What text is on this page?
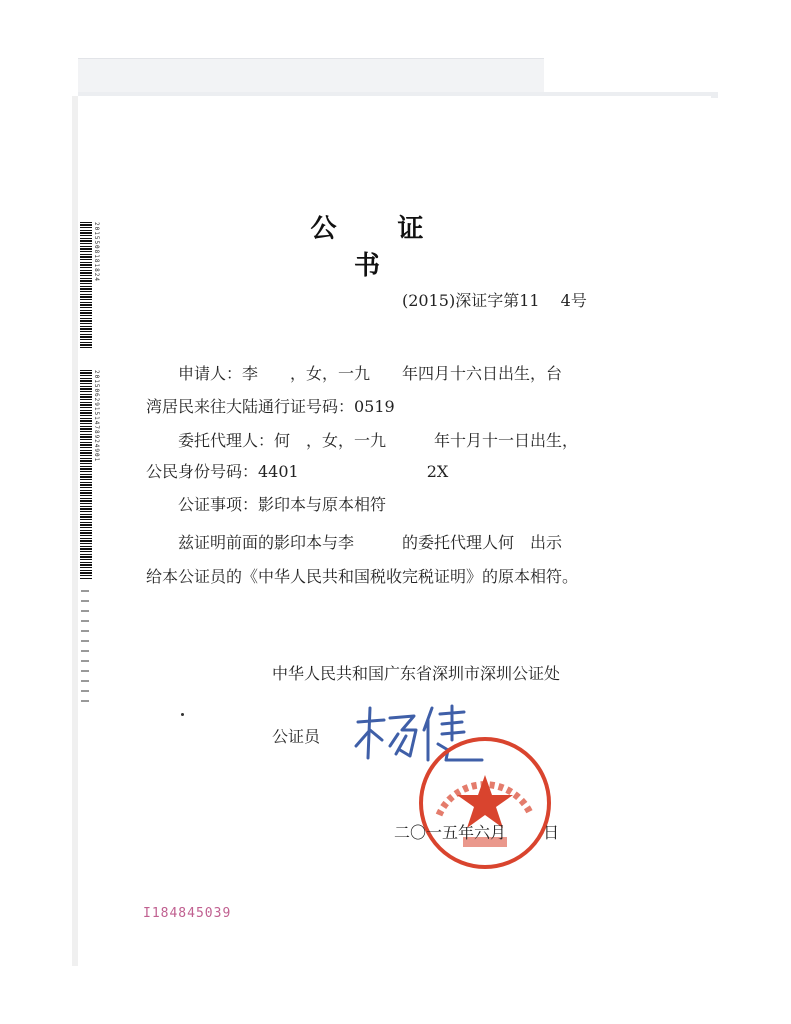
2015508181824
20150629151478924901
公 证 书
(2015)深证字第11　 4号
申请人：李　　，女，一九　　年四月十六日出生，台
湾居民来往大陆通行证号码：0519
委托代理人：何　，女，一九　　　年十月十一日出生，
公民身份号码：4401　　　　　　　　2X
公证事项：影印本与原本相符
兹证明前面的影印本与李　　　的委托代理人何　出示
给本公证员的《中华人民共和国税收完税证明》的原本相符。
中华人民共和国广东省深圳市深圳公证处
公证员
二〇一五年六月　　 日
I184845039
